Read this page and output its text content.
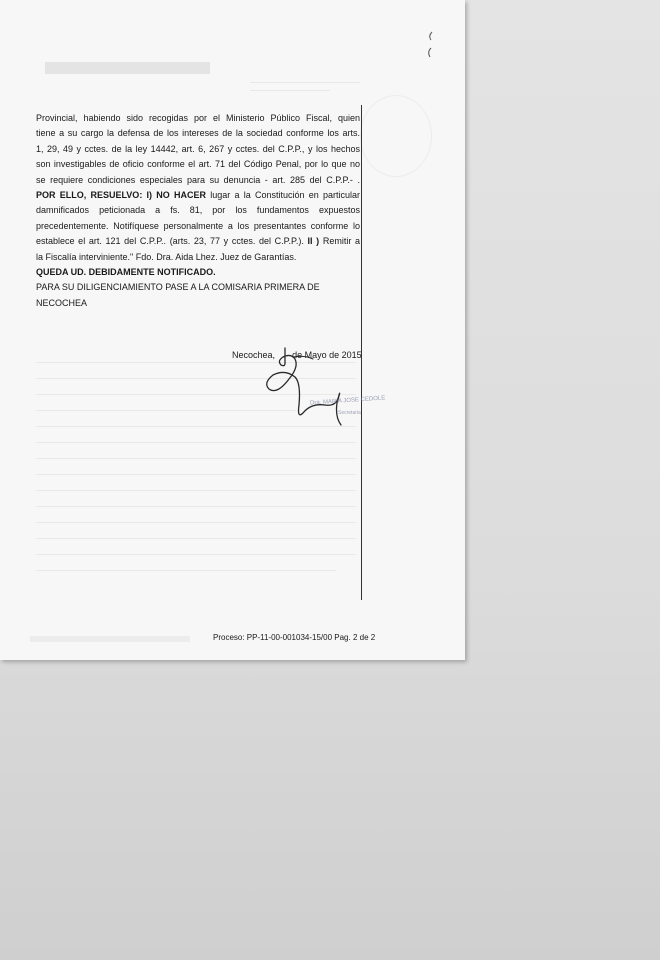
Provincial, habiendo sido recogidas por el Ministerio Público Fiscal, quien
tiene a su cargo la defensa de los intereses de la sociedad conforme los arts.
1, 29, 49 y cctes. de la ley 14442, art. 6, 267 y cctes. del C.P.P., y los hechos
son investigables de oficio conforme el art. 71 del Código Penal, por lo que no
se requiere condiciones especiales para su denuncia - art. 285 del C.P.P.- .
POR ELLO, RESUELVO: I) NO HACER lugar a la Constitución en particular
damnificados peticionada a fs. 81, por los fundamentos expuestos
precedentemente. Notifíquese personalmente a los presentantes conforme lo
establece el art. 121 del C.P.P.. (arts. 23, 77 y cctes. del C.P.P.). II ) Remitir a
la Fiscalía interviniente." Fdo. Dra. Aida Lhez. Juez de Garantías.
QUEDA UD. DEBIDAMENTE NOTIFICADO.
PARA SU DILIGENCIAMIENTO PASE A LA COMISARIA PRIMERA DE
NECOCHEA
Necochea, de Mayo de 2015
Dra. MARIA JOSE CEDOLE
Secretaria
Proceso: PP-11-00-001034-15/00 Pag. 2 de 2
